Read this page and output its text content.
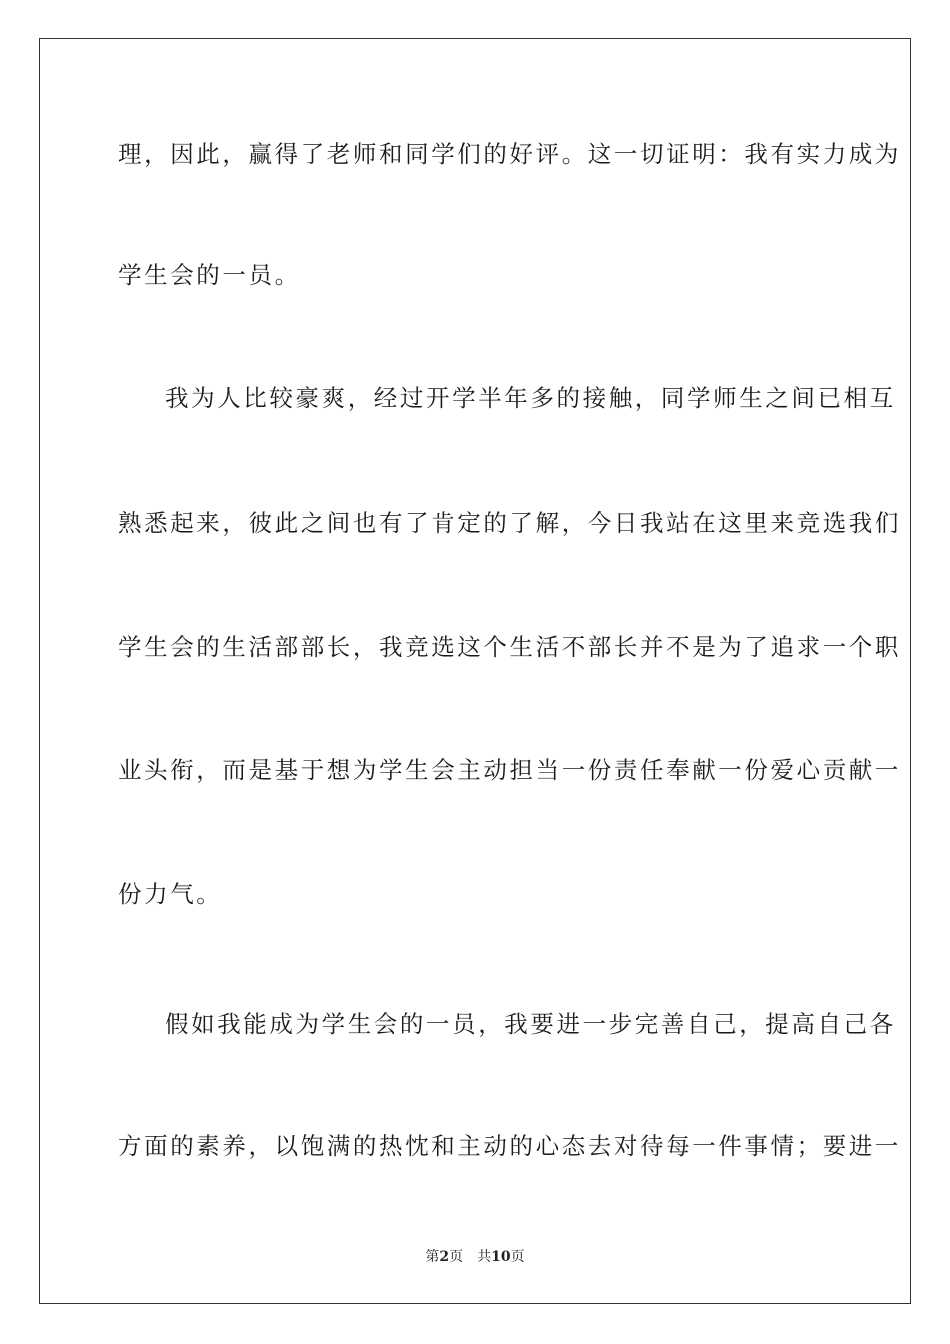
理，因此，赢得了老师和同学们的好评。这一切证明：我有实力成为
学生会的一员。
我为人比较豪爽，经过开学半年多的接触，同学师生之间已相互
熟悉起来，彼此之间也有了肯定的了解，今日我站在这里来竞选我们
学生会的生活部部长，我竞选这个生活不部长并不是为了追求一个职
业头衔，而是基于想为学生会主动担当一份责任奉献一份爱心贡献一
份力气。
假如我能成为学生会的一员，我要进一步完善自己，提高自己各
方面的素养，以饱满的热忱和主动的心态去对待每一件事情；要进一
第2页 共10页
